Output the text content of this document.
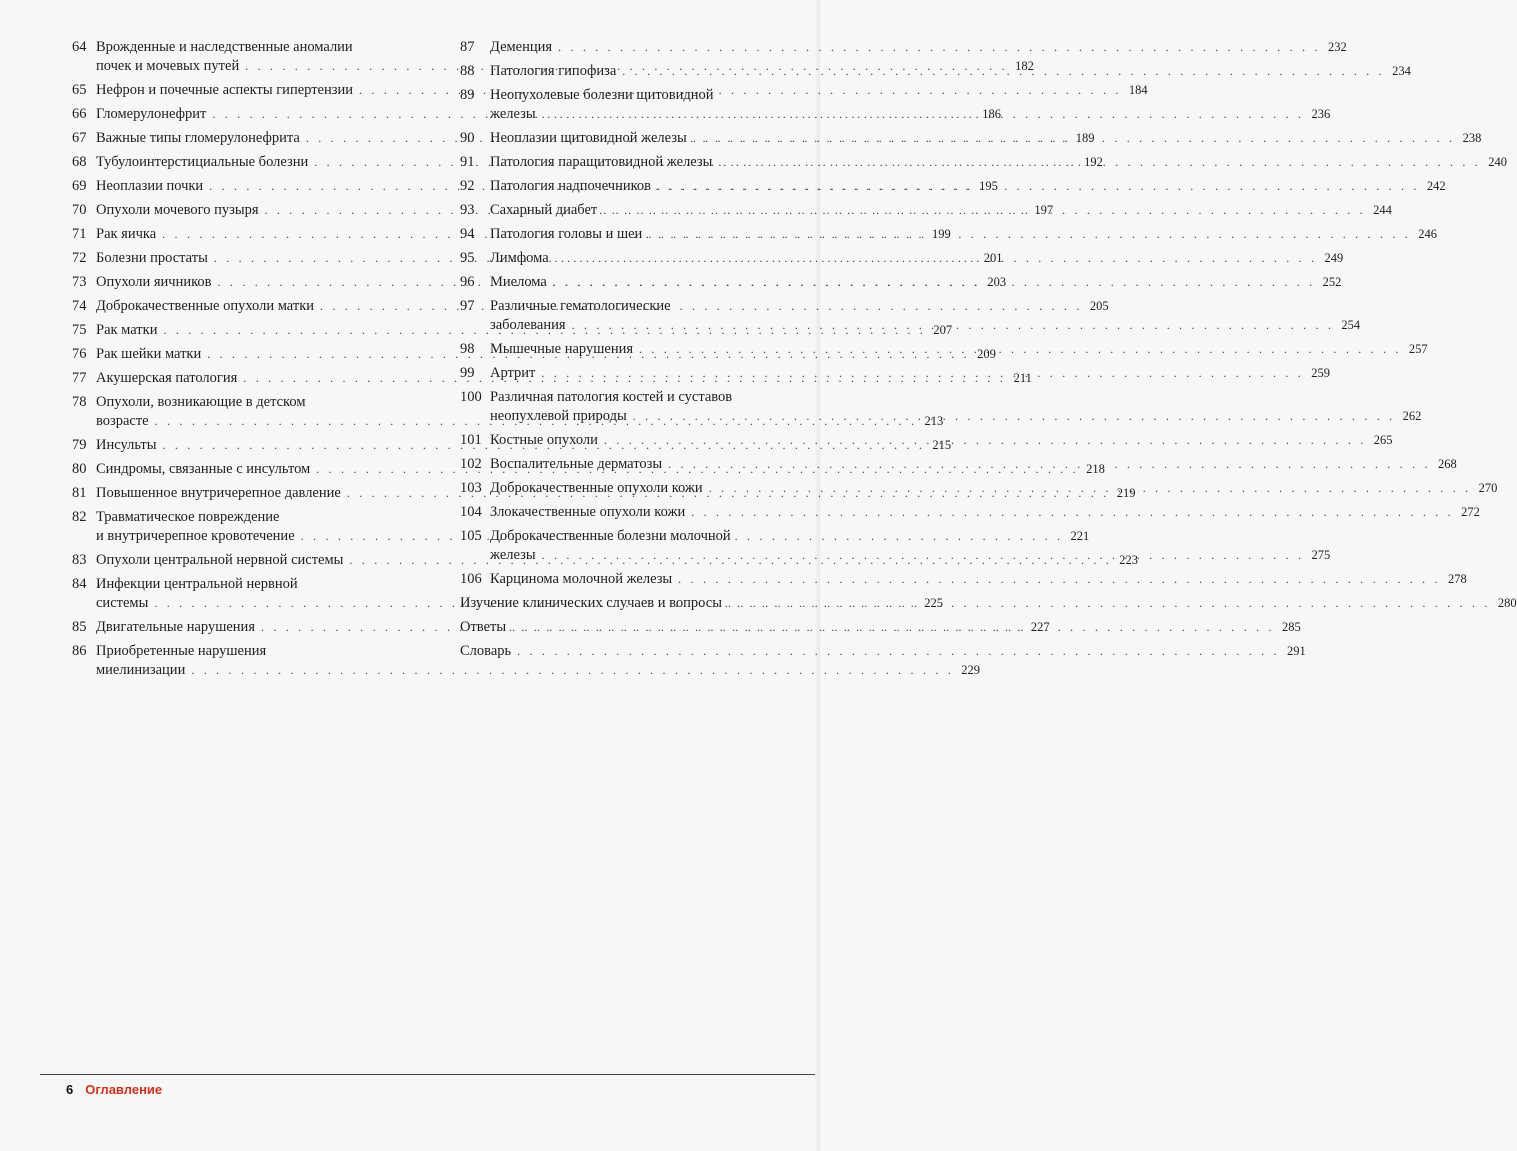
64 Врожденные и наследственные аномалии
почек и мочевых путей . . .	182
65 Нефрон и почечные аспекты гипертензии . . .	184
66 Гломерулонефрит . . .	186
67 Важные типы гломерулонефрита . . .	189
68 Тубулоинтерстициальные болезни . . .	192
69 Неоплазии почки . . .	195
70 Опухоли мочевого пузыря . . .	197
71 Рак яичка . . .	199
72 Болезни простаты . . .	201
73 Опухоли яичников . . .	203
74 Доброкачественные опухоли матки . . .	205
75 Рак матки . . .	207
76 Рак шейки матки . . .	209
77 Акушерская патология . . .	211
78 Опухоли, возникающие в детском
возрасте . . .	213
79 Инсульты . . .	215
80 Синдромы, связанные с инсультом . . .	218
81 Повышенное внутричерепное давление . . .	219
82 Травматическое повреждение
и внутричерепное кровотечение . . .	221
83 Опухоли центральной нервной системы . . .	223
84 Инфекции центральной нервной
системы . . .	225
85 Двигательные нарушения . . .	227
86 Приобретенные нарушения
миелинизации . . .	229
87	Деменция . . .	232
88	Патология гипофиза . . .	234
89	Неопухолевые болезни щитовидной
железы . . .	236
90	Неоплазии щитовидной железы . . .	238
91	Патология паращитовидной железы . . .	240
92	Патология надпочечников . . .	242
93	Сахарный диабет . . .	244
94	Патология головы и шеи . . .	246
95	Лимфома . . .	249
96	Миелома . . .	252
97	Различные гематологические
заболевания . . .	254
98	Мышечные нарушения . . .	257
99	Артрит . . .	259
100 Различная патология костей и суставов
неопухлевой природы . . .	262
101 Костные опухоли . . .	265
102 Воспалительные дерматозы . . .	268
103 Доброкачественные опухоли кожи . . .	270
104 Злокачественные опухоли кожи . . .	272
105 Доброкачественные болезни молочной
железы . . .	275
106 Карцинома молочной железы . . .	278
Изучение клинических случаев и вопросы . . .	280
Ответы . . .	285
Словарь . . .	291
6 Оглавление
